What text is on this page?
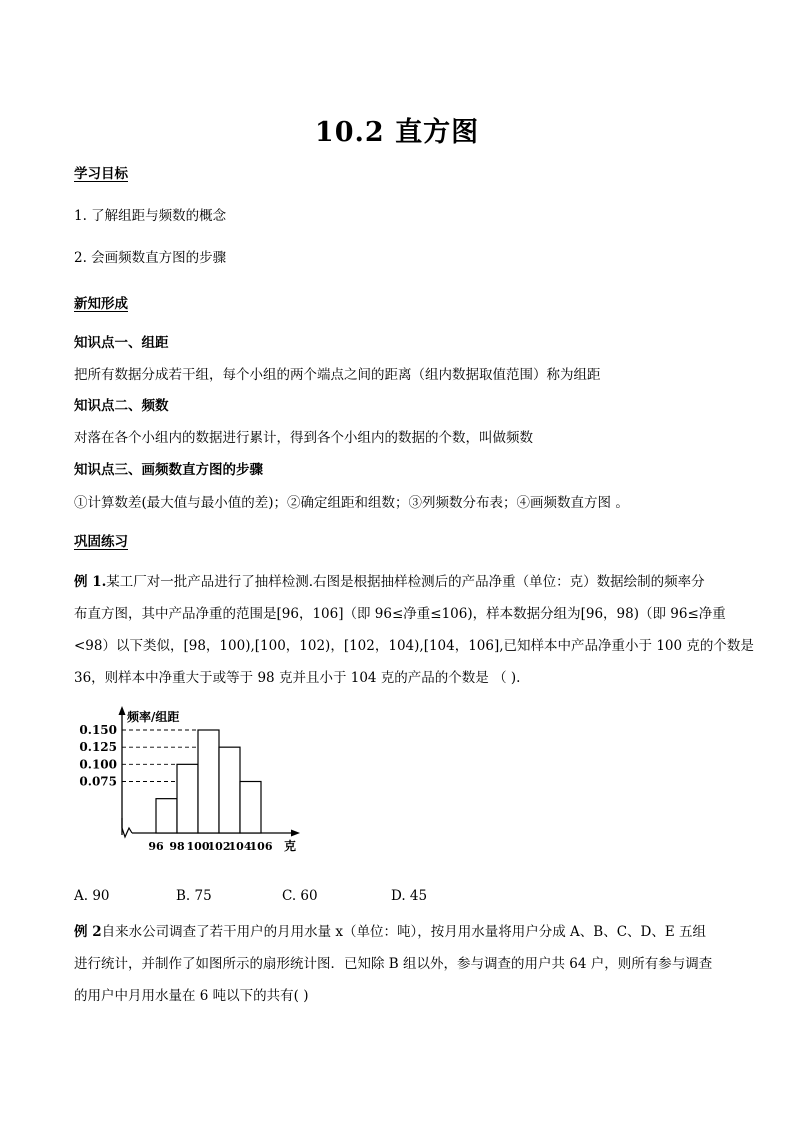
10.2 直方图
学习目标
1. 了解组距与频数的概念
2. 会画频数直方图的步骤
新知形成
知识点一、组距
把所有数据分成若干组，每个小组的两个端点之间的距离（组内数据取值范围）称为组距
知识点二、频数
对落在各个小组内的数据进行累计，得到各个小组内的数据的个数，叫做频数
知识点三、画频数直方图的步骤
①计算数差(最大值与最小值的差)；②确定组距和组数；③列频数分布表；④画频数直方图 。
巩固练习
例 1.某工厂对一批产品进行了抽样检测.右图是根据抽样检测后的产品净重（单位：克）数据绘制的频率分
布直方图，其中产品净重的范围是[96，106]（即 96≤净重≤106)，样本数据分组为[96，98)（即 96≤净重
<98）以下类似，[98，100),[100，102)，[102，104),[104，106],已知样本中产品净重小于 100 克的个数是
36，则样本中净重大于或等于 98 克并且小于 104 克的产品的个数是 （ ).
0.150
0.125
0.100
0.075
96 98 100
102
104
106
频率/组距
克
A. 90	B. 75	C. 60	D. 45
例 2自来水公司调查了若干用户的月用水量 x（单位：吨），按月用水量将用户分成 A、B、C、D、E 五组
进行统计，并制作了如图所示的扇形统计图．已知除 B 组以外，参与调查的用户共 64 户，则所有参与调查
的用户中月用水量在 6 吨以下的共有( )
